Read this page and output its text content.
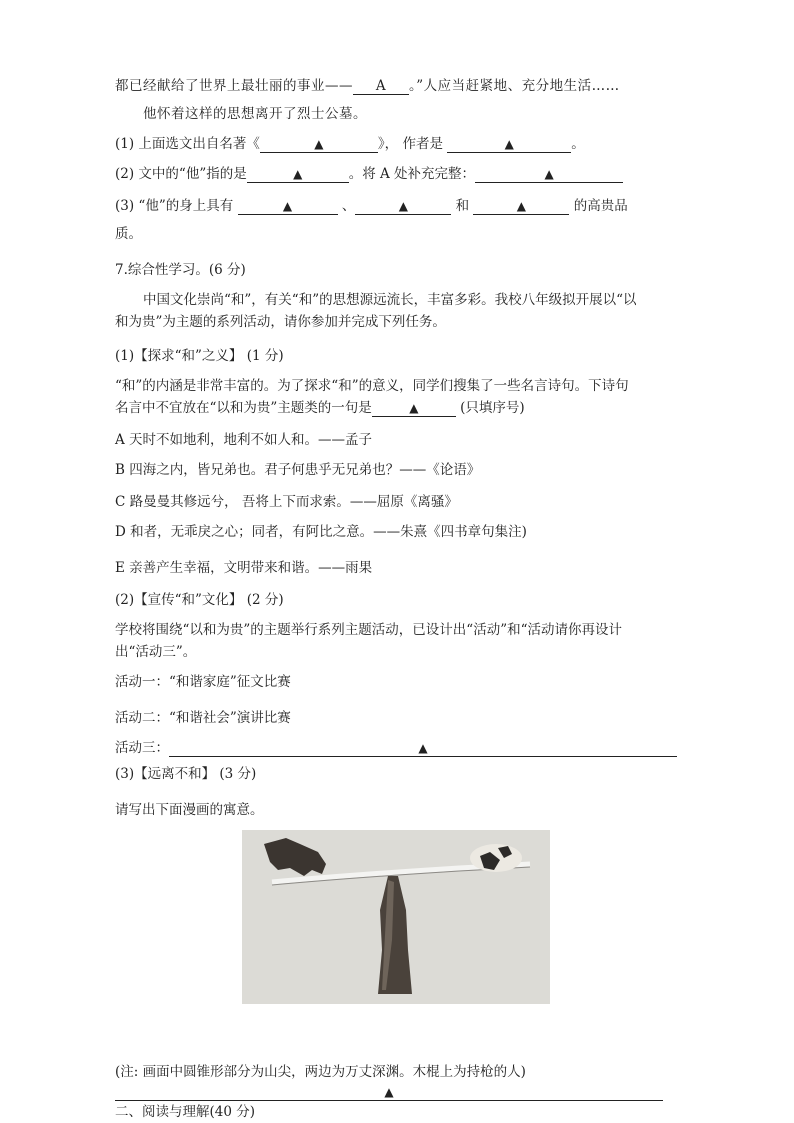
都已经献给了世界上最壮丽的事业—— A 。”人应当赶紧地、充分地生活……
他怀着这样的思想离开了烈士公墓。
(1) 上面选文出自名著《	▲	》， 作者是	▲	。
(2) 文中的“他”指的是	▲	。将 A 处补充完整：	▲
(3) “他”的身上具有	▲	、	▲	和	▲	的高贵品
质。
7.综合性学习。(6 分)
中国文化崇尚“和”，有关“和”的思想源远流长，丰富多彩。我校八年级拟开展以“以
和为贵”为主题的系列活动，请你参加并完成下列任务。
(1)【探求“和”之义】 (1 分)
“和”的内涵是非常丰富的。为了探求“和”的意义，同学们搜集了一些名言诗句。下诗句
名言中不宜放在“以和为贵”主题类的一句是	▲	(只填序号)
A 天时不如地利，地利不如人和。——孟子
B 四海之内，皆兄弟也。君子何患乎无兄弟也？——《论语》
C 路曼曼其修远兮， 吾将上下而求索。——屈原《离骚》
D 和者，无乖戾之心；同者，有阿比之意。——朱熹《四书章句集注)
E 亲善产生幸福，文明带来和谐。——雨果
(2)【宣传“和”文化】 (2 分)
学校将围绕“以和为贵”的主题举行系列主题活动，已设计出“活动”和“活动请你再设计
出“活动三”。
活动一：“和谐家庭”征文比赛
活动二：“和谐社会”演讲比赛
活动三：	▲
(3)【远离不和】 (3 分)
请写出下面漫画的寓意。
(注: 画面中圆锥形部分为山尖，两边为万丈深渊。木棍上为持枪的人)
▲
二、阅读与理解(40 分)
